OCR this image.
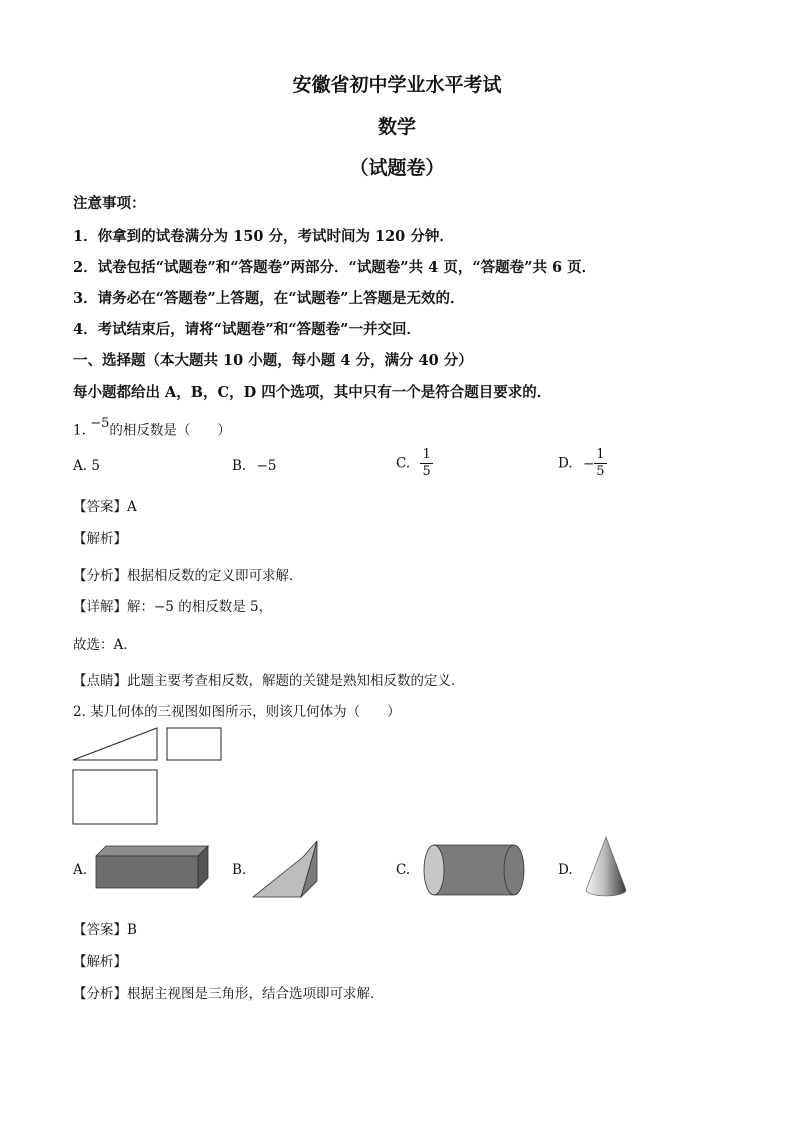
安徽省初中学业水平考试
数学
（试题卷）
注意事项：
1．你拿到的试卷满分为 150 分，考试时间为 120 分钟．
2．试卷包括“试题卷”和“答题卷”两部分．“试题卷”共 4 页，“答题卷”共 6 页．
3．请务必在“答题卷”上答题，在“试题卷”上答题是无效的．
4．考试结束后，请将“试题卷”和“答题卷”一并交回．
一、选择题（本大题共 10 小题，每小题 4 分，满分 40 分）
每小题都给出 A，B，C，D 四个选项，其中只有一个是符合题目要求的．
1. $^{-5}$的相反数是（　　）
A. 5	B. −5	C. $\frac{1}{5}$	D. − $\frac{1}{5}$
【答案】A
【解析】
【分析】根据相反数的定义即可求解．
【详解】解：−5 的相反数是 5，
故选：A．
【点睛】此题主要考查相反数，解题的关键是熟知相反数的定义．
2. 某几何体的三视图如图所示，则该几何体为（　　）
A.	B.	C.	D.
【答案】B
【解析】
【分析】根据主视图是三角形，结合选项即可求解．
